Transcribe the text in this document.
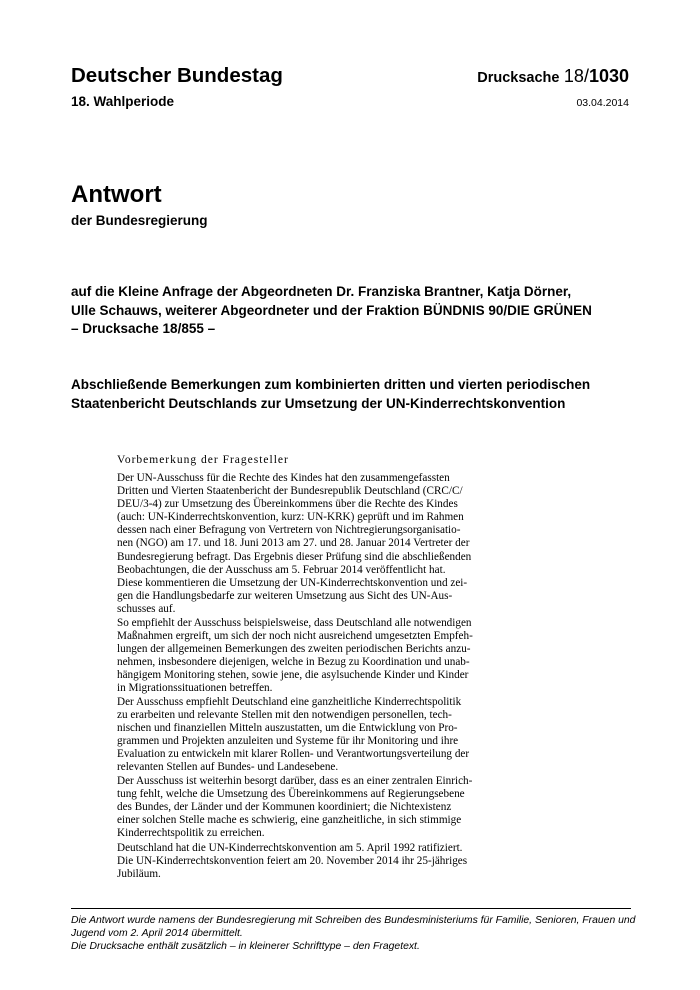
Deutscher Bundestag
18. Wahlperiode
Drucksache 18/1030
03.04.2014
Antwort
der Bundesregierung
auf die Kleine Anfrage der Abgeordneten Dr. Franziska Brantner, Katja Dörner,
Ulle Schauws, weiterer Abgeordneter und der Fraktion BÜNDNIS 90/DIE GRÜNEN
– Drucksache 18/855 –
Abschließende Bemerkungen zum kombinierten dritten und vierten periodischen
Staatenbericht Deutschlands zur Umsetzung der UN-Kinderrechtskonvention
Vorbemerkung der Fragesteller
Der UN-Ausschuss für die Rechte des Kindes hat den zusammengefassten
Dritten und Vierten Staatenbericht der Bundesrepublik Deutschland (CRC/C/
DEU/3-4) zur Umsetzung des Übereinkommens über die Rechte des Kindes
(auch: UN-Kinderrechtskonvention, kurz: UN-KRK) geprüft und im Rahmen
dessen nach einer Befragung von Vertretern von Nichtregierungsorganisatio-
nen (NGO) am 17. und 18. Juni 2013 am 27. und 28. Januar 2014 Vertreter der
Bundesregierung befragt. Das Ergebnis dieser Prüfung sind die abschließenden
Beobachtungen, die der Ausschuss am 5. Februar 2014 veröffentlicht hat.
Diese kommentieren die Umsetzung der UN-Kinderrechtskonvention und zei-
gen die Handlungsbedarfe zur weiteren Umsetzung aus Sicht des UN-Aus-
schusses auf.
So empfiehlt der Ausschuss beispielsweise, dass Deutschland alle notwendigen
Maßnahmen ergreift, um sich der noch nicht ausreichend umgesetzten Empfeh-
lungen der allgemeinen Bemerkungen des zweiten periodischen Berichts anzu-
nehmen, insbesondere diejenigen, welche in Bezug zu Koordination und unab-
hängigem Monitoring stehen, sowie jene, die asylsuchende Kinder und Kinder
in Migrationssituationen betreffen.
Der Ausschuss empfiehlt Deutschland eine ganzheitliche Kinderrechtspolitik
zu erarbeiten und relevante Stellen mit den notwendigen personellen, tech-
nischen und finanziellen Mitteln auszustatten, um die Entwicklung von Pro-
grammen und Projekten anzuleiten und Systeme für ihr Monitoring und ihre
Evaluation zu entwickeln mit klarer Rollen- und Verantwortungsverteilung der
relevanten Stellen auf Bundes- und Landesebene.
Der Ausschuss ist weiterhin besorgt darüber, dass es an einer zentralen Einrich-
tung fehlt, welche die Umsetzung des Übereinkommens auf Regierungsebene
des Bundes, der Länder und der Kommunen koordiniert; die Nichtexistenz
einer solchen Stelle mache es schwierig, eine ganzheitliche, in sich stimmige
Kinderrechtspolitik zu erreichen.
Deutschland hat die UN-Kinderrechtskonvention am 5. April 1992 ratifiziert.
Die UN-Kinderrechtskonvention feiert am 20. November 2014 ihr 25-jähriges
Jubiläum.
Die Antwort wurde namens der Bundesregierung mit Schreiben des Bundesministeriums für Familie, Senioren, Frauen und
Jugend vom 2. April 2014 übermittelt.
Die Drucksache enthält zusätzlich – in kleinerer Schrifttype – den Fragetext.
